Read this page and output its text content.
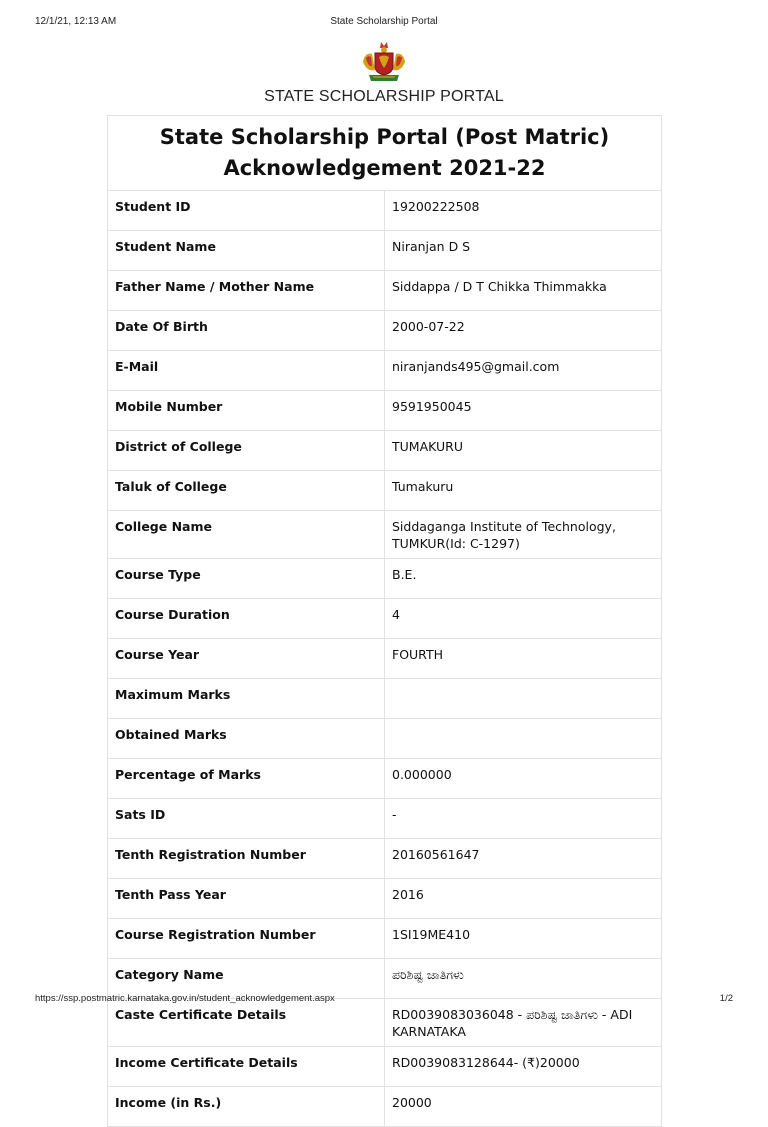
12/1/21, 12:13 AM	State Scholarship Portal
STATE SCHOLARSHIP PORTAL
State Scholarship Portal (Post Matric)
Acknowledgement 2021-22	

Student ID	19200222508
Student Name	Niranjan D S
Father Name / Mother Name	Siddappa / D T Chikka Thimmakka
Date Of Birth	2000-07-22
E-Mail	niranjands495@gmail.com
Mobile Number	9591950045
District of College	TUMAKURU
Taluk of College	Tumakuru
College Name	Siddaganga Institute of Technology, TUMKUR(Id: C-1297)
Course Type	B.E.
Course Duration	4
Course Year	FOURTH
Maximum Marks	
Obtained Marks	
Percentage of Marks	0.000000
Sats ID	-
Tenth Registration Number	20160561647
Tenth Pass Year	2016
Course Registration Number	1SI19ME410
Category Name	ಪರಿಶಿಷ್ಟ ಜಾತಿಗಳು
Caste Certificate Details	RD0039083036048 - ಪರಿಶಿಷ್ಟ ಜಾತಿಗಳು - ADI KARNATAKA
Income Certificate Details	RD0039083128644- (₹)20000
Income (in Rs.)	20000
https://ssp.postmatric.karnataka.gov.in/student_acknowledgement.aspx	1/2
